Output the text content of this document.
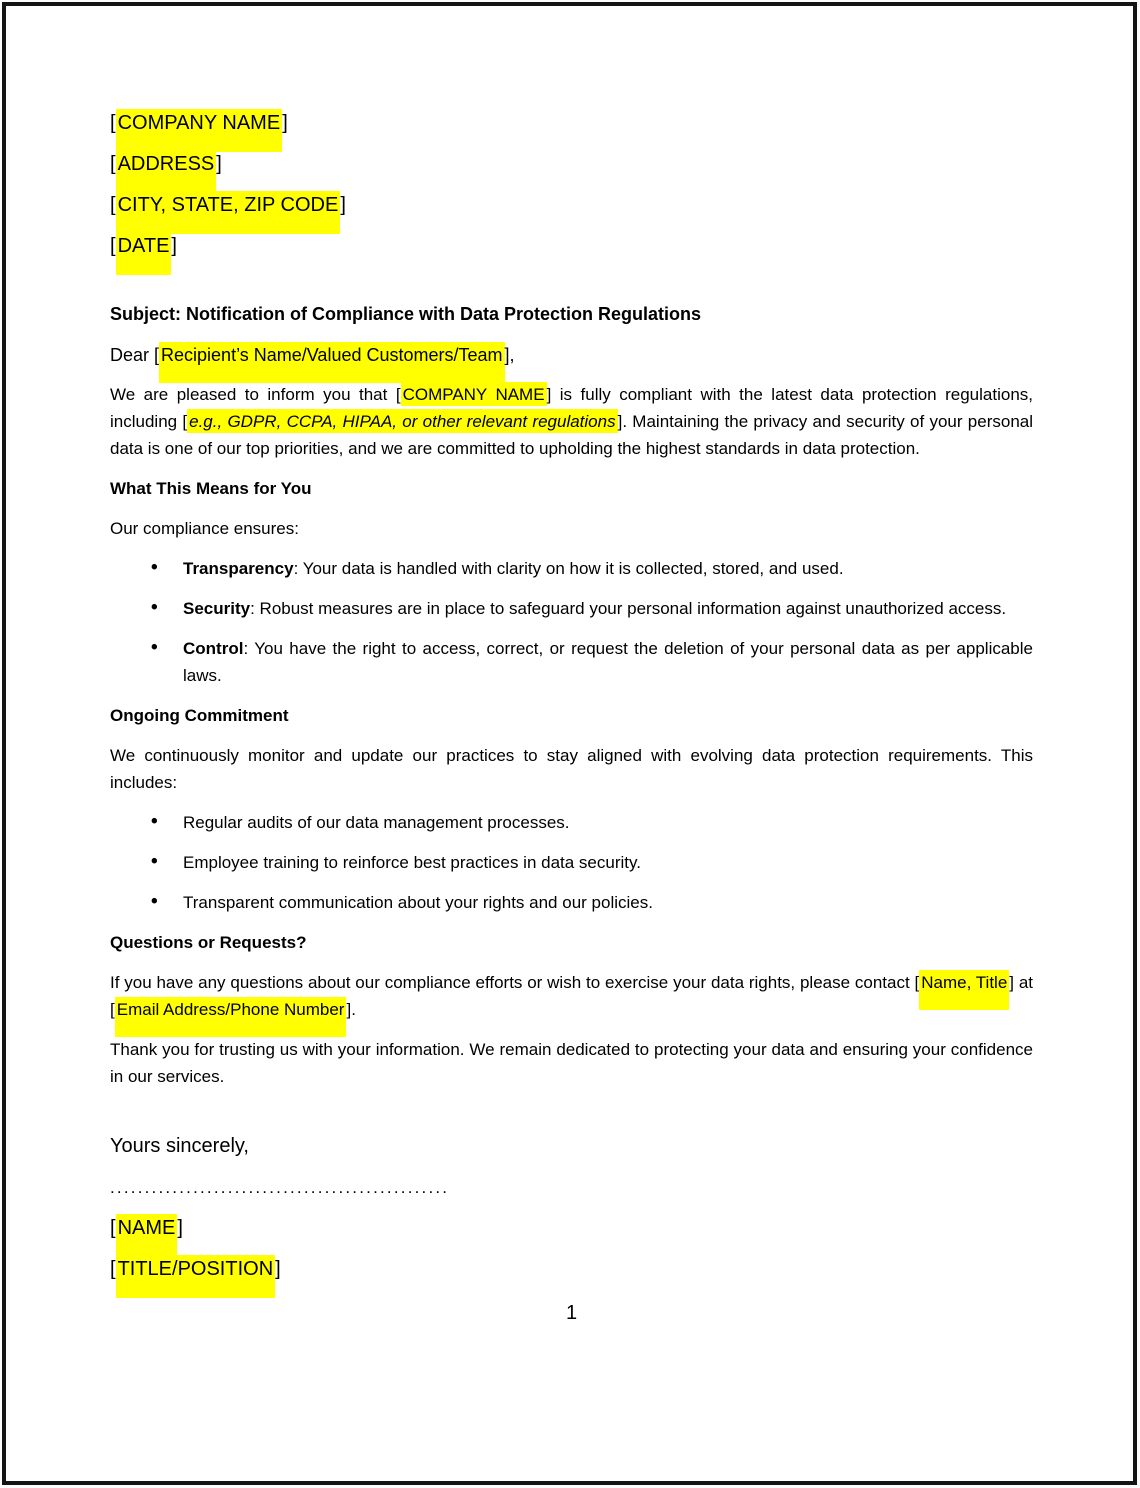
[ COMPANY NAME ]

[ ADDRESS ]

[ CITY, STATE, ZIP CODE ]

[ DATE ]

Subject: Notification of Compliance with Data Protection Regulations

Dear [ Recipient’s Name/Valued Customers/Team ],

We are pleased to inform you that [ COMPANY NAME ] is fully compliant with the latest data protection regulations, including [ e.g., GDPR, CCPA, HIPAA, or other relevant regulations ]. Maintaining the privacy and security of your personal data is one of our top priorities, and we are committed to upholding the highest standards in data protection.

What This Means for You

Our compliance ensures:

• Transparency: Your data is handled with clarity on how it is collected, stored, and used.
• Security: Robust measures are in place to safeguard your personal information against unauthorized access.
• Control: You have the right to access, correct, or request the deletion of your personal data as per applicable laws.

Ongoing Commitment

We continuously monitor and update our practices to stay aligned with evolving data protection requirements. This includes:

• Regular audits of our data management processes.
• Employee training to reinforce best practices in data security.
• Transparent communication about your rights and our policies.

Questions or Requests?

If you have any questions about our compliance efforts or wish to exercise your data rights, please contact [ Name, Title ] at [ Email Address/Phone Number ].

Thank you for trusting us with your information. We remain dedicated to protecting your data and ensuring your confidence in our services.

Yours sincerely,

.................................................

[ NAME ]

[ TITLE/POSITION ]

1
